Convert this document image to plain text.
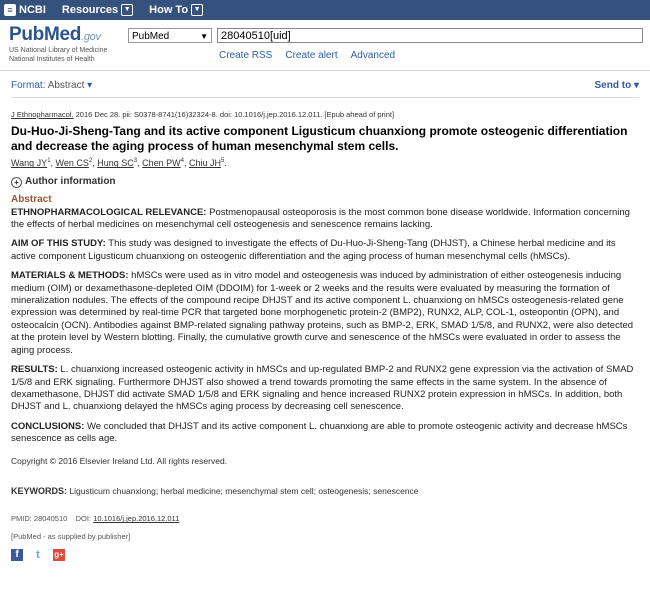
≡ NCBI Resources ▼ How To ▼
PubMed.gov
US National Library of Medicine
National Institutes of Health
PubMed	▼
28040510[uid]
Create RSS Create alert Advanced
Format: Abstract ▾	Send to ▾
J Ethnopharmacol. 2016 Dec 28. pii: S0378-8741(16)32324-8. doi: 10.1016/j.jep.2016.12.011. [Epub ahead of print]
Du-Huo-Ji-Sheng-Tang and its active component Ligusticum chuanxiong promote osteogenic differentiation and decrease the aging process of human mesenchymal stem cells.
Wang $JY^1$, Wen $CS^2$, Hung $SC^3$, Chen $PW^4$, Chiu $JH^5$.
+ Author information
Abstract
ETHNOPHARMACOLOGICAL RELEVANCE: Postmenopausal osteoporosis is the most common bone disease worldwide. Information concerning the effects of herbal medicines on mesenchymal cell osteogenesis and senescence remains lacking.
AIM OF THIS STUDY: This study was designed to investigate the effects of Du-Huo-Ji-Sheng-Tang (DHJST), a Chinese herbal medicine and its active component Ligusticum chuanxiong on osteogenic differentiation and the aging process of human mesenchymal cells (hMSCs).
MATERIALS & METHODS: hMSCs were used as in vitro model and osteogenesis was induced by administration of either osteogenesis inducing medium (OIM) or dexamethasone-depleted OIM (DDOIM) for 1-week or 2 weeks and the results were evaluated by measuring the formation of mineralization nodules. The effects of the compound recipe DHJST and its active component L. chuanxiong on hMSCs osteogenesis-related gene expression was determined by real-time PCR that targeted bone morphogenetic protein-2 (BMP2), RUNX2, ALP, COL-1, osteopontin (OPN), and osteocalcin (OCN). Antibodies against BMP-related signaling pathway proteins, such as BMP-2, ERK, SMAD 1/5/8, and RUNX2, were also detected at the protein level by Western blotting. Finally, the cumulative growth curve and senescence of the hMSCs were evaluated in order to assess the aging process.
RESULTS: L. chuanxiong increased osteogenic activity in hMSCs and up-regulated BMP-2 and RUNX2 gene expression via the activation of SMAD 1/5/8 and ERK signaling. Furthermore DHJST also showed a trend towards promoting the same effects in the same system. In the absence of dexamethasone, DHJST did activate SMAD 1/5/8 and ERK signaling and hence increased RUNX2 protein expression in hMSCs. In addition, both DHJST and L. chuanxiong delayed the hMSCs aging process by decreasing cell senescence.
CONCLUSIONS: We concluded that DHJST and its active component L. chuanxiong are able to promote osteogenic activity and decrease hMSCs senescence as cells age.
Copyright © 2016 Elsevier Ireland Ltd. All rights reserved.
KEYWORDS: Ligusticum chuanxiong; herbal medicine; mesenchymal stem cell; osteogenesis; senescence
PMID: 28040510 DOI: 10.1016/j.jep.2016.12.011
[PubMed - as supplied by publisher]
f	t	g+
